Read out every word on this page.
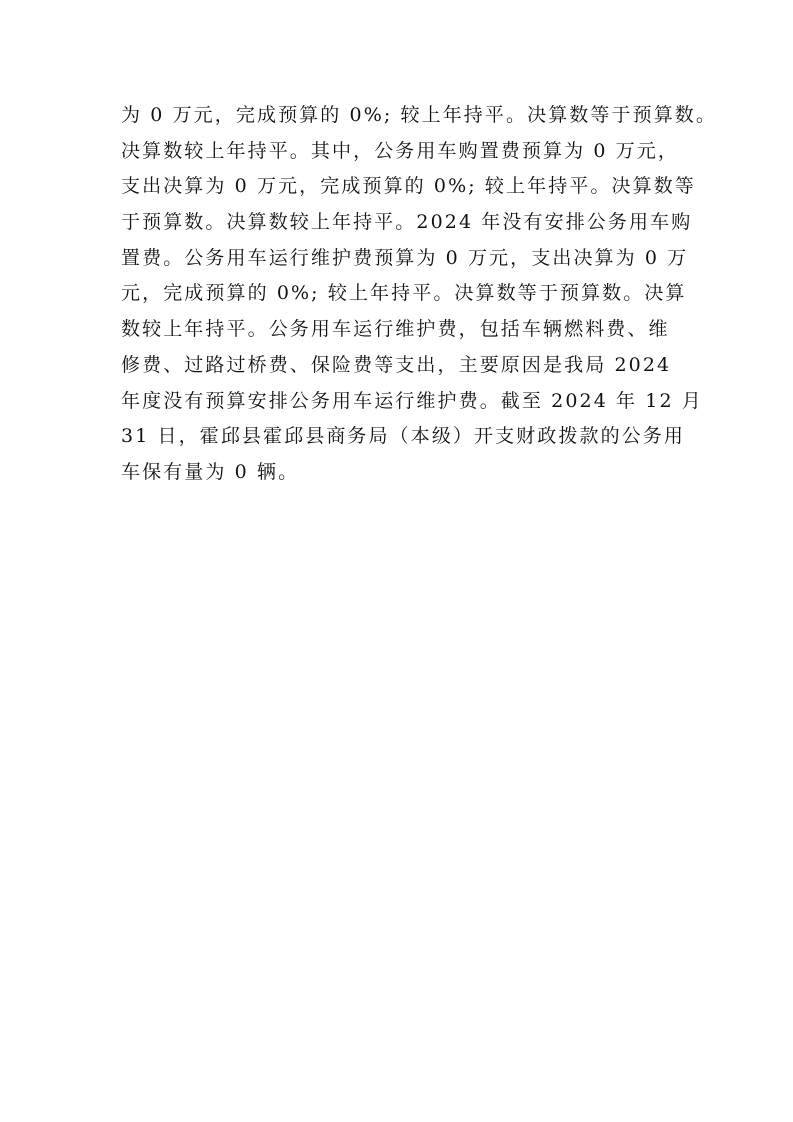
为 0 万元，完成预算的 0%; 较上年持平。决算数等于预算数。
决算数较上年持平。其中，公务用车购置费预算为 0 万元，
支出决算为 0 万元，完成预算的 0%; 较上年持平。决算数等
于预算数。决算数较上年持平。2024 年没有安排公务用车购
置费。公务用车运行维护费预算为 0 万元，支出决算为 0 万
元，完成预算的 0%; 较上年持平。决算数等于预算数。决算
数较上年持平。公务用车运行维护费，包括车辆燃料费、维
修费、过路过桥费、保险费等支出，主要原因是我局 2024
年度没有预算安排公务用车运行维护费。截至 2024 年 12 月
31 日，霍邱县霍邱县商务局（本级）开支财政拨款的公务用
车保有量为 0 辆。
